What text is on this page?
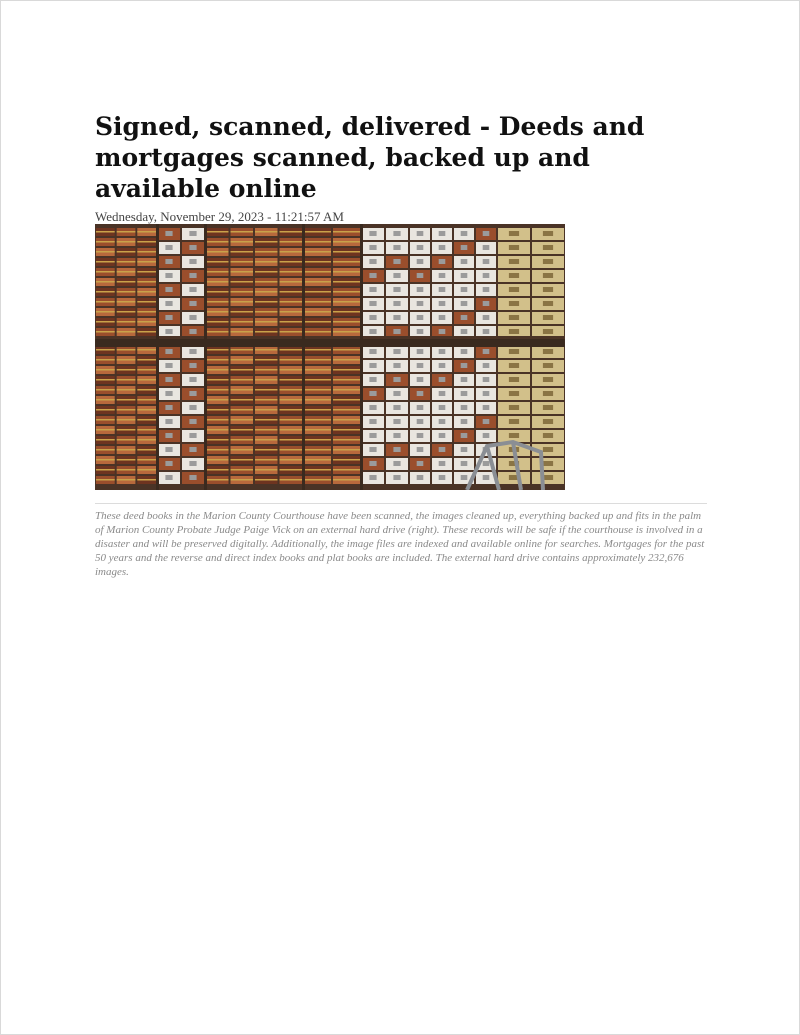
Signed, scanned, delivered - Deeds and mortgages scanned, backed up and available online
Wednesday, November 29, 2023 - 11:21:57 AM
These deed books in the Marion County Courthouse have been scanned, the images cleaned up, everything backed up and fits in the palm of Marion County Probate Judge Paige Vick on an external hard drive (right). These records will be safe if the courthouse is involved in a disaster and will be preserved digitally. Additionally, the image files are indexed and available online for searches. Mortgages for the past 50 years and the reverse and direct index books and plat books are included. The external hard drive contains approximately 232,676 images.
